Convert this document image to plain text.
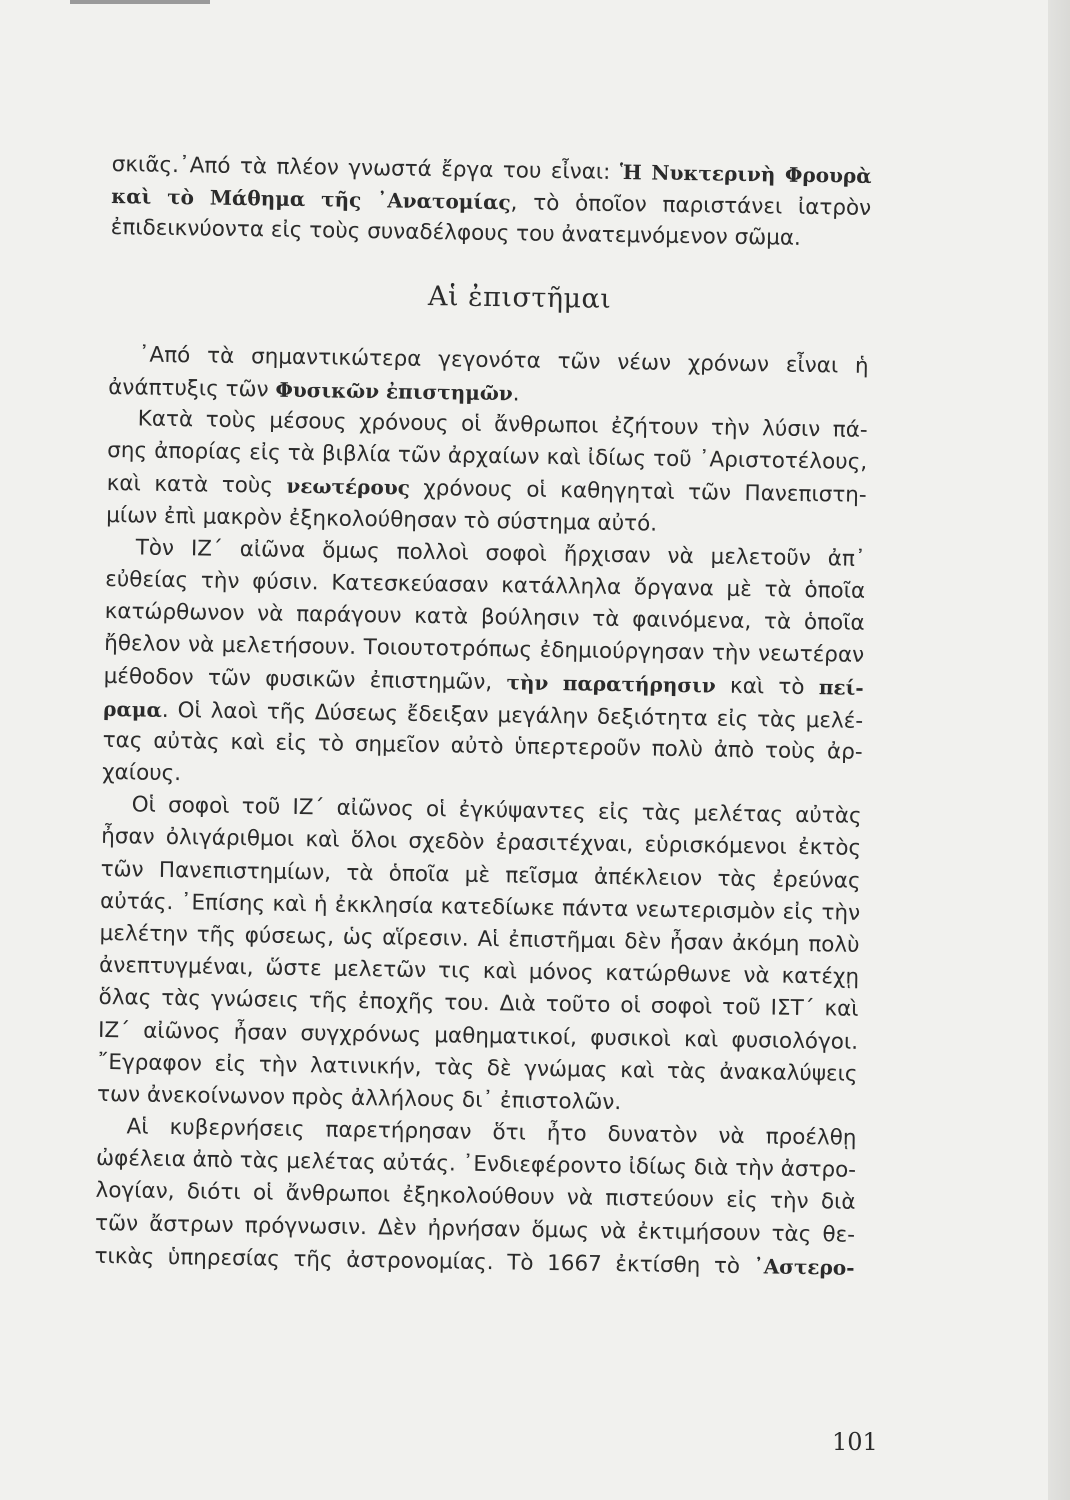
σκιᾶς.᾿Από τὰ πλέον γνωστά ἔργα του εἶναι: Ἡ Νυκτερινὴ Φρουρὰ
καὶ τὸ Μάθημα τῆς ᾿Ανατομίας, τὸ ὁποῖον παριστάνει ἰατρὸν
ἐπιδεικνύοντα εἰς τοὺς συναδέλφους του ἀνατεμνόμενον σῶμα.
Αἱ ἐπιστῆμαι
᾿Από τὰ σημαντικώτερα γεγονότα τῶν νέων χρόνων εἶναι ἡ
ἀνάπτυξις τῶν Φυσικῶν ἐπιστημῶν.
Κατὰ τοὺς μέσους χρόνους οἱ ἄνθρωποι ἐζήτουν τὴν λύσιν πά-
σης ἀπορίας εἰς τὰ βιβλία τῶν ἀρχαίων καὶ ἰδίως τοῦ ᾿Αριστοτέλους,
καὶ κατὰ τοὺς νεωτέρους χρόνους οἱ καθηγηταὶ τῶν Πανεπιστη-
μίων ἐπὶ μακρὸν ἐξηκολούθησαν τὸ σύστημα αὐτό.
Τὸν ΙΖ΄ αἰῶνα ὅμως πολλοὶ σοφοὶ ἤρχισαν νὰ μελετοῦν ἀπ᾿
εὐθείας τὴν φύσιν. Κατεσκεύασαν κατάλληλα ὄργανα μὲ τὰ ὁποῖα
κατώρθωνον νὰ παράγουν κατὰ βούλησιν τὰ φαινόμενα, τὰ ὁποῖα
ἤθελον νὰ μελετήσουν. Τοιουτοτρόπως ἐδημιούργησαν τὴν νεωτέραν
μέθοδον τῶν φυσικῶν ἐπιστημῶν, τὴν παρατήρησιν καὶ τὸ πεί-
ραμα. Οἱ λαοὶ τῆς Δύσεως ἔδειξαν μεγάλην δεξιότητα εἰς τὰς μελέ-
τας αὐτὰς καὶ εἰς τὸ σημεῖον αὐτὸ ὑπερτεροῦν πολὺ ἀπὸ τοὺς ἀρ-
χαίους.
Οἱ σοφοὶ τοῦ ΙΖ΄ αἰῶνος οἱ ἐγκύψαντες εἰς τὰς μελέτας αὐτὰς
ἦσαν ὀλιγάριθμοι καὶ ὅλοι σχεδὸν ἐρασιτέχναι, εὑρισκόμενοι ἐκτὸς
τῶν Πανεπιστημίων, τὰ ὁποῖα μὲ πεῖσμα ἀπέκλειον τὰς ἐρεύνας
αὐτάς. ᾿Επίσης καὶ ἡ ἐκκλησία κατεδίωκε πάντα νεωτερισμὸν εἰς τὴν
μελέτην τῆς φύσεως, ὡς αἵρεσιν. Αἱ ἐπιστῆμαι δὲν ἦσαν ἀκόμη πολὺ
ἀνεπτυγμέναι, ὥστε μελετῶν τις καὶ μόνος κατώρθωνε νὰ κατέχῃ
ὅλας τὰς γνώσεις τῆς ἐποχῆς του. Διὰ τοῦτο οἱ σοφοὶ τοῦ ΙΣΤ΄ καὶ
ΙΖ΄ αἰῶνος ἦσαν συγχρόνως μαθηματικοί, φυσικοὶ καὶ φυσιολόγοι.
῎Εγραφον εἰς τὴν λατινικήν, τὰς δὲ γνώμας καὶ τὰς ἀνακαλύψεις
των ἀνεκοίνωνον πρὸς ἀλλήλους δι᾿ ἐπιστολῶν.
Αἱ κυβερνήσεις παρετήρησαν ὅτι ἦτο δυνατὸν νὰ προέλθῃ
ὠφέλεια ἀπὸ τὰς μελέτας αὐτάς. ᾿Ενδιεφέροντο ἰδίως διὰ τὴν ἀστρο-
λογίαν, διότι οἱ ἄνθρωποι ἐξηκολούθουν νὰ πιστεύουν εἰς τὴν διὰ
τῶν ἄστρων πρόγνωσιν. Δὲν ἠρνήσαν ὅμως νὰ ἐκτιμήσουν τὰς θε-
τικὰς ὑπηρεσίας τῆς ἀστρονομίας. Τὸ 1667 ἐκτίσθη τὸ ᾿Αστερο-
101
